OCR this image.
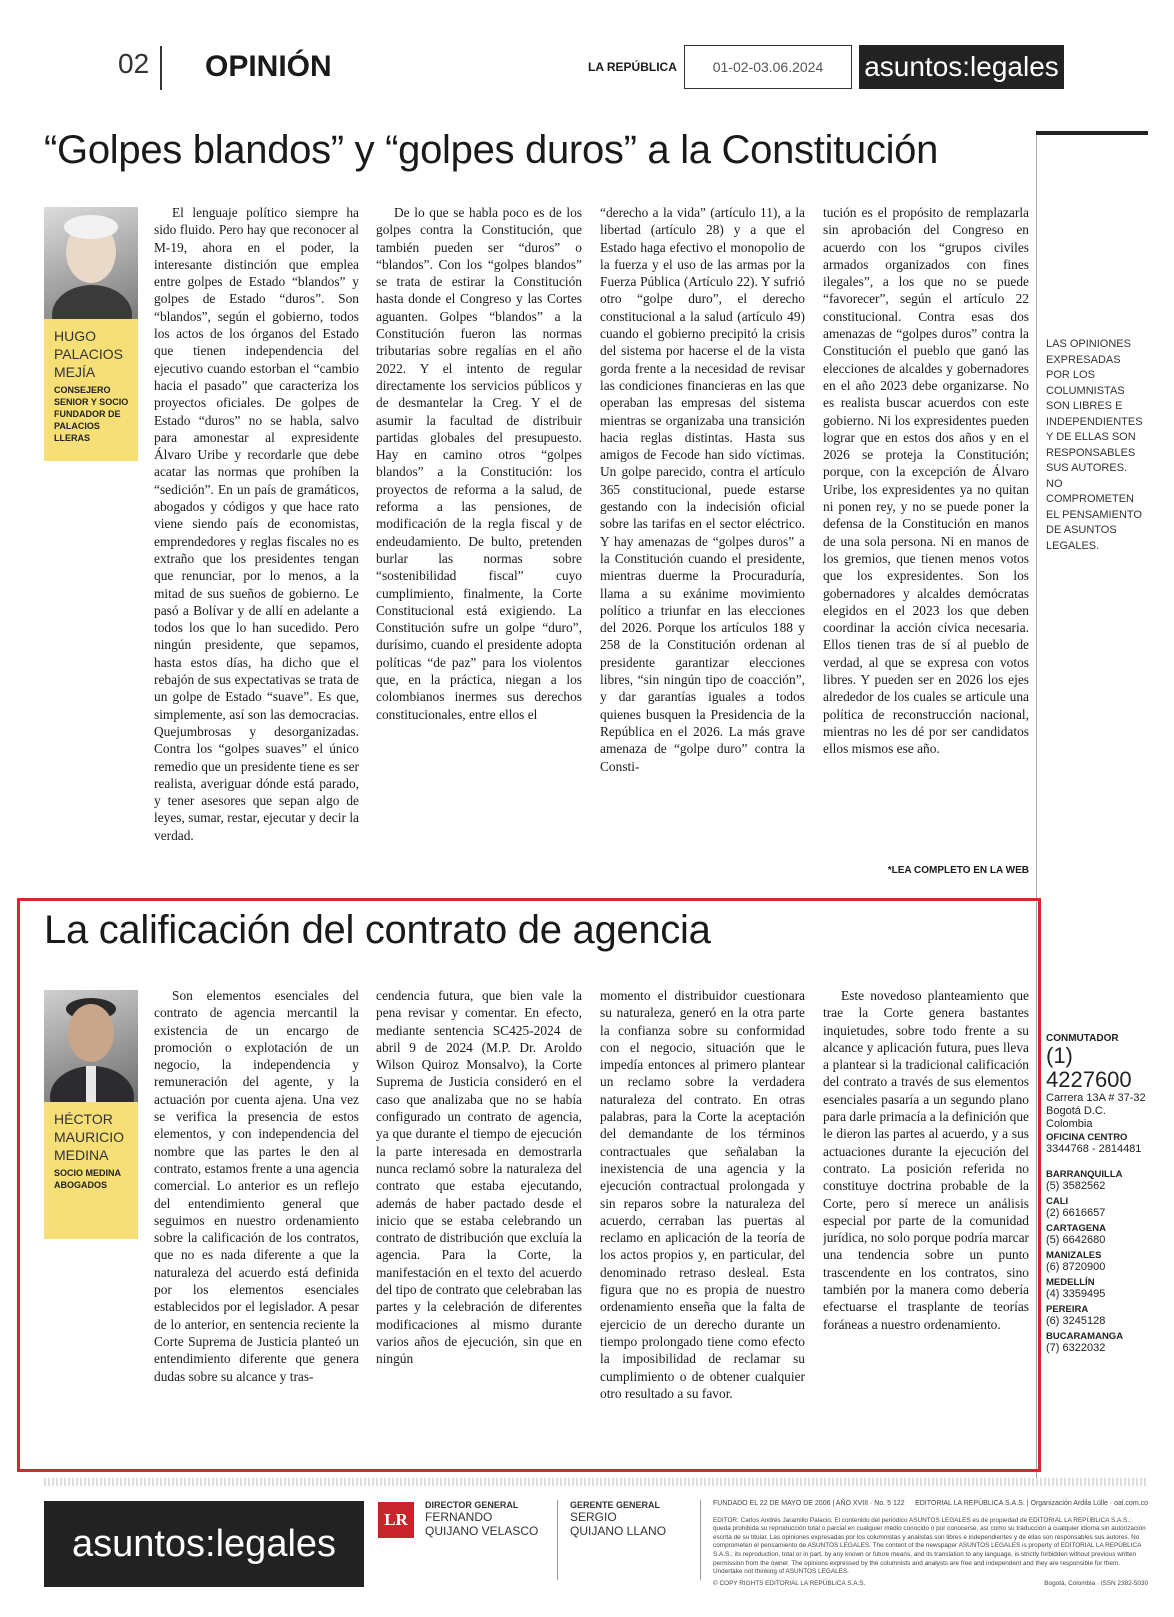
02 OPINIÓN	LA REPÚBLICA	01-02-03.06.2024	asuntos:legales
“Golpes blandos” y “golpes duros” a la Constitución
HUGO PALACIOS MEJÍA
CONSEJERO SENIOR Y SOCIO FUNDADOR DE PALACIOS LLERAS

El lenguaje político siempre ha sido fluido. Pero hay que reconocer al M-19, ahora en el poder, la interesante distinción que emplea entre golpes de Estado “blandos” y golpes de Estado “duros”. Son “blandos”, según el gobierno, todos los actos de los órganos del Estado que tienen independencia del ejecutivo cuando estorban el “cambio hacia el pasado” que caracteriza los proyectos oficiales. De golpes de Estado “duros” no se habla, salvo para amonestar al expresidente Álvaro Uribe y recordarle que debe acatar las normas que prohíben la “sedición”. En un país de gramáticos, abogados y códigos y que hace rato viene siendo país de economistas, emprendedores y reglas fiscales no es extraño que los presidentes tengan que renunciar, por lo menos, a la mitad de sus sueños de gobierno. Le pasó a Bolívar y de allí en adelante a todos los que lo han sucedido. Pero ningún presidente, que sepamos, hasta estos días, ha dicho que el rebajón de sus expectativas se trata de un golpe de Estado “suave”. Es que, simplemente, así son las democracias. Quejumbrosas y desorganizadas. Contra los “golpes suaves” el único remedio que un presidente tiene es ser realista, averiguar dónde está parado, y tener asesores que sepan algo de leyes, sumar, restar, ejecutar y decir la verdad.

De lo que se habla poco es de los golpes contra la Constitución, que también pueden ser “duros” o “blandos”. Con los “golpes blandos” se trata de estirar la Constitución hasta donde el Congreso y las Cortes aguanten. Golpes “blandos” a la Constitución fueron las normas tributarias sobre regalías en el año 2022. Y el intento de regular directamente los servicios públicos y de desmantelar la Creg. Y el de asumir la facultad de distribuir partidas globales del presupuesto. Hay en camino otros “golpes blandos” a la Constitución: los proyectos de reforma a la salud, de reforma a las pensiones, de modificación de la regla fiscal y de endeudamiento. De bulto, pretenden burlar las normas sobre “sostenibilidad fiscal” cuyo cumplimiento, finalmente, la Corte Constitucional está exigiendo. La Constitución sufre un golpe “duro”, durísimo, cuando el presidente adopta políticas “de paz” para los violentos que, en la práctica, niegan a los colombianos inermes sus derechos constitucionales, entre ellos el

“derecho a la vida” (artículo 11), a la libertad (artículo 28) y a que el Estado haga efectivo el monopolio de la fuerza y el uso de las armas por la Fuerza Pública (Artículo 22). Y sufrió otro “golpe duro”, el derecho constitucional a la salud (artículo 49) cuando el gobierno precipitó la crisis del sistema por hacerse el de la vista gorda frente a la necesidad de revisar las condiciones financieras en las que operaban las empresas del sistema mientras se organizaba una transición hacia reglas distintas. Hasta sus amigos de Fecode han sido víctimas. Un golpe parecido, contra el artículo 365 constitucional, puede estarse gestando con la indecisión oficial sobre las tarifas en el sector eléctrico. Y hay amenazas de “golpes duros” a la Constitución cuando el presidente, mientras duerme la Procuraduría, llama a su exánime movimiento político a triunfar en las elecciones del 2026. Porque los artículos 188 y 258 de la Constitución ordenan al presidente garantizar elecciones libres, “sin ningún tipo de coacción”, y dar garantías iguales a todos quienes busquen la Presidencia de la República en el 2026. La más grave amenaza de “golpe duro” contra la Consti-

tución es el propósito de remplazarla sin aprobación del Congreso en acuerdo con los “grupos civiles armados organizados con fines ilegales”, a los que no se puede “favorecer”, según el artículo 22 constitucional. Contra esas dos amenazas de “golpes duros” contra la Constitución el pueblo que ganó las elecciones de alcaldes y gobernadores en el año 2023 debe organizarse. No es realista buscar acuerdos con este gobierno. Ni los expresidentes pueden lograr que en estos dos años y en el 2026 se proteja la Constitución; porque, con la excepción de Álvaro Uribe, los expresidentes ya no quitan ni ponen rey, y no se puede poner la defensa de la Constitución en manos de una sola persona. Ni en manos de los gremios, que tienen menos votos que los expresidentes. Son los gobernadores y alcaldes demócratas elegidos en el 2023 los que deben coordinar la acción cívica necesaria. Ellos tienen tras de sí al pueblo de verdad, al que se expresa con votos libres. Y pueden ser en 2026 los ejes alrededor de los cuales se articule una política de reconstrucción nacional, mientras no les dé por ser candidatos ellos mismos ese año.

*LEA COMPLETO EN LA WEB
LAS OPINIONES EXPRESADAS POR LOS COLUMNISTAS SON LIBRES E INDEPENDIENTES Y DE ELLAS SON RESPONSABLES SUS AUTORES. NO COMPROMETEN EL PENSAMIENTO DE ASUNTOS LEGALES.
La calificación del contrato de agencia
HÉCTOR MAURICIO MEDINA
SOCIO MEDINA ABOGADOS

Son elementos esenciales del contrato de agencia mercantil la existencia de un encargo de promoción o explotación de un negocio, la independencia y remuneración del agente, y la actuación por cuenta ajena. Una vez se verifica la presencia de estos elementos, y con independencia del nombre que las partes le den al contrato, estamos frente a una agencia comercial. Lo anterior es un reflejo del entendimiento general que seguimos en nuestro ordenamiento sobre la calificación de los contratos, que no es nada diferente a que la naturaleza del acuerdo está definida por los elementos esenciales establecidos por el legislador. A pesar de lo anterior, en sentencia reciente la Corte Suprema de Justicia planteó un entendimiento diferente que genera dudas sobre su alcance y tras-

cendencia futura, que bien vale la pena revisar y comentar. En efecto, mediante sentencia SC425-2024 de abril 9 de 2024 (M.P. Dr. Aroldo Wilson Quiroz Monsalvo), la Corte Suprema de Justicia consideró en el caso que analizaba que no se había configurado un contrato de agencia, ya que durante el tiempo de ejecución la parte interesada en demostrarla nunca reclamó sobre la naturaleza del contrato que estaba ejecutando, además de haber pactado desde el inicio que se estaba celebrando un contrato de distribución que excluía la agencia. Para la Corte, la manifestación en el texto del acuerdo del tipo de contrato que celebraban las partes y la celebración de diferentes modificaciones al mismo durante varios años de ejecución, sin que en ningún

momento el distribuidor cuestionara su naturaleza, generó en la otra parte la confianza sobre su conformidad con el negocio, situación que le impedía entonces al primero plantear un reclamo sobre la verdadera naturaleza del contrato. En otras palabras, para la Corte la aceptación del demandante de los términos contractuales que señalaban la inexistencia de una agencia y la ejecución contractual prolongada y sin reparos sobre la naturaleza del acuerdo, cerraban las puertas al reclamo en aplicación de la teoría de los actos propios y, en particular, del denominado retraso desleal. Esta figura que no es propia de nuestro ordenamiento enseña que la falta de ejercicio de un derecho durante un tiempo prolongado tiene como efecto la imposibilidad de reclamar su cumplimiento o de obtener cualquier otro resultado a su favor.

Este novedoso planteamiento que trae la Corte genera bastantes inquietudes, sobre todo frente a su alcance y aplicación futura, pues lleva a plantear si la tradicional calificación del contrato a través de sus elementos esenciales pasaría a un segundo plano para darle primacía a la definición que le dieron las partes al acuerdo, y a sus actuaciones durante la ejecución del contrato. La posición referida no constituye doctrina probable de la Corte, pero sí merece un análisis especial por parte de la comunidad jurídica, no solo porque podría marcar una tendencia sobre un punto trascendente en los contratos, sino también por la manera como debería efectuarse el trasplante de teorías foráneas a nuestro ordenamiento.

CONMUTADOR
(1) 4227600
Carrera 13A # 37-32
Bogotá D.C.
Colombia
OFICINA CENTRO
3344768 - 2814481
BARRANQUILLA
(5) 3582562
CALI
(2) 6616657
CARTAGENA
(5) 6642680
MANIZALES
(6) 8720900
MEDELLÍN
(4) 3359495
PEREIRA
(6) 3245128
BUCARAMANGA
(7) 6322032
asuntos:legales
LR
DIRECTOR GENERAL
FERNANDO
QUIJANO VELASCO
GERENTE GENERAL
SERGIO
QUIJANO LLANO
FUNDADO EL 22 DE MAYO DE 2006 | AÑO XVIII · No. 5 122 EDITORIAL LA REPÚBLICA S.A.S. | Organización Ardila Lülle · oal.com.co
EDITOR: Carlos Andrés Jaramillo Palacio. El contenido del periódico ASUNTOS LEGALES es de propiedad de EDITORIAL LA REPÚBLICA S.A.S.; queda prohibida su reproducción total o parcial en cualquier medio conocido o por conocerse, así como su traducción a cualquier idioma sin autorización escrita de su titular. Las opiniones expresadas por los columnistas y analistas son libres e independientes y de ellas son responsables sus autores. No comprometen el pensamiento de ASUNTOS LEGALES. The content of the newspaper ASUNTOS LEGALES is property of EDITORIAL LA REPÚBLICA S.A.S.; its reproduction, total or in part, by any known or future means, and its translation to any language, is strictly forbidden without previous written permission from the owner. The opinions expressed by the columnists and analysts are free and independent and they are responsible for them. Undertake not thinking of ASUNTOS LEGALES.
© COPY RIGHTS EDITORIAL LA REPÚBLICA S.A.S.	Bogotá, Colombia · ISSN 2382-5030
